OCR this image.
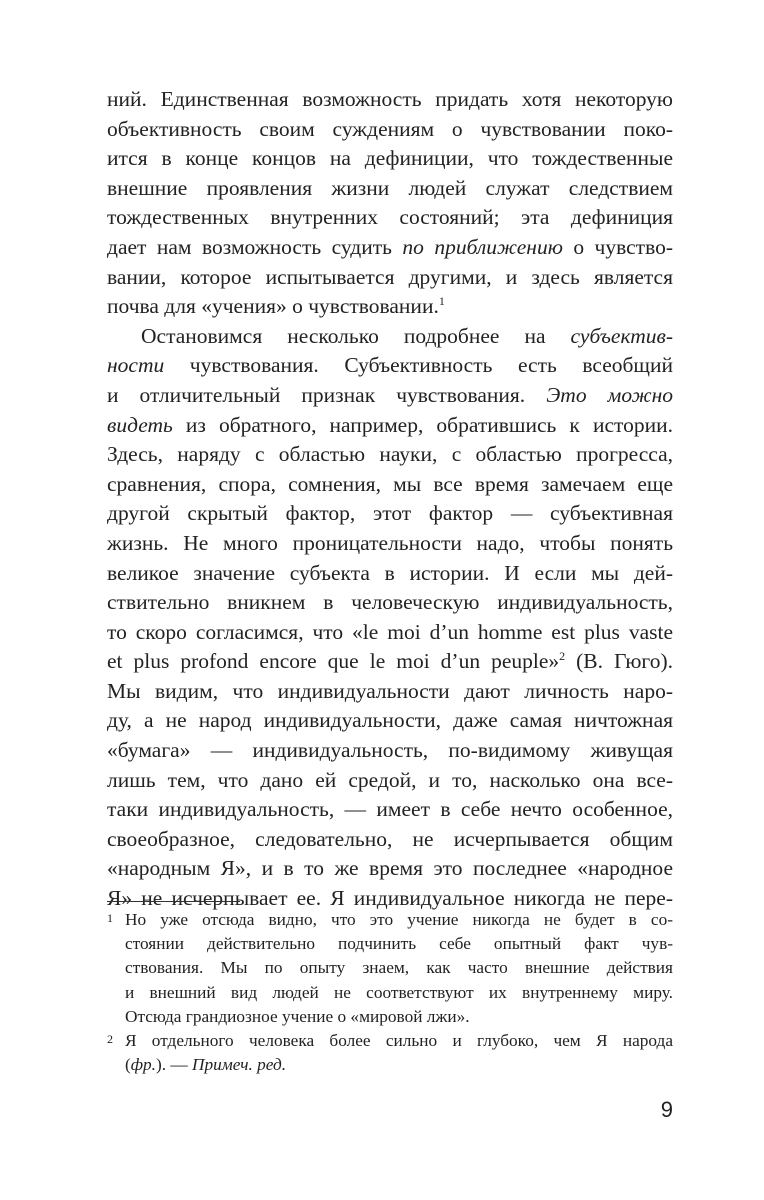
ний. Единственная возможность придать хотя некоторую
объективность своим суждениям о чувствовании поко-
ится в конце концов на дефиниции, что тождественные
внешние проявления жизни людей служат следствием
тождественных внутренних состояний; эта дефиниция
дает нам возможность судить по приближению о чувство-
вании, которое испытывается другими, и здесь является
почва для «учения» о чувствовании.$^1$

Остановимся несколько подробнее на субъектив-
ности чувствования. Субъективность есть всеобщий
и отличительный признак чувствования. Это можно
видеть из обратного, например, обратившись к истории.
Здесь, наряду с областью науки, с областью прогресса,
сравнения, спора, сомнения, мы все время замечаем еще
другой скрытый фактор, этот фактор — субъективная
жизнь. Не много проницательности надо, чтобы понять
великое значение субъекта в истории. И если мы дей-
ствительно вникнем в человеческую индивидуальность,
то скоро согласимся, что «le moi d’un homme est plus vaste
et plus profond encore que le moi d’un peuple»$^2$ (В. Гюго).
Мы видим, что индивидуальности дают личность наро-
ду, а не народ индивидуальности, даже самая ничтожная
«бумага» — индивидуальность, по-видимому живущая
лишь тем, что дано ей средой, и то, насколько она все-
таки индивидуальность, — имеет в себе нечто особенное,
своеобразное, следовательно, не исчерпывается общим
«народным Я», и в то же время это последнее «народное
Я» не исчерпывает ее. Я индивидуальное никогда не пере-

1 Но уже отсюда видно, что это учение никогда не будет в со-
стоянии действительно подчинить себе опытный факт чув-
ствования. Мы по опыту знаем, как часто внешние действия
и внешний вид людей не соответствуют их внутреннему миру.
Отсюда грандиозное учение о «мировой лжи».
2 Я отдельного человека более сильно и глубоко, чем Я народа
(фр.). — Примеч. ред.
9
